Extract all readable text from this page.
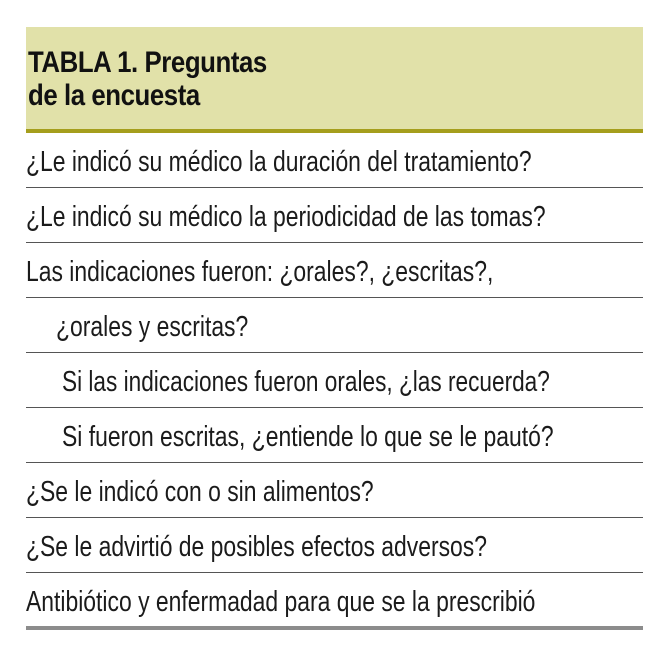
TABLA 1. Preguntas
de la encuesta
¿Le indicó su médico la duración del tratamiento?
¿Le indicó su médico la periodicidad de las tomas?
Las indicaciones fueron: ¿orales?, ¿escritas?,
¿orales y escritas?
Si las indicaciones fueron orales, ¿las recuerda?
Si fueron escritas, ¿entiende lo que se le pautó?
¿Se le indicó con o sin alimentos?
¿Se le advirtió de posibles efectos adversos?
Antibiótico y enfermadad para que se la prescribió
